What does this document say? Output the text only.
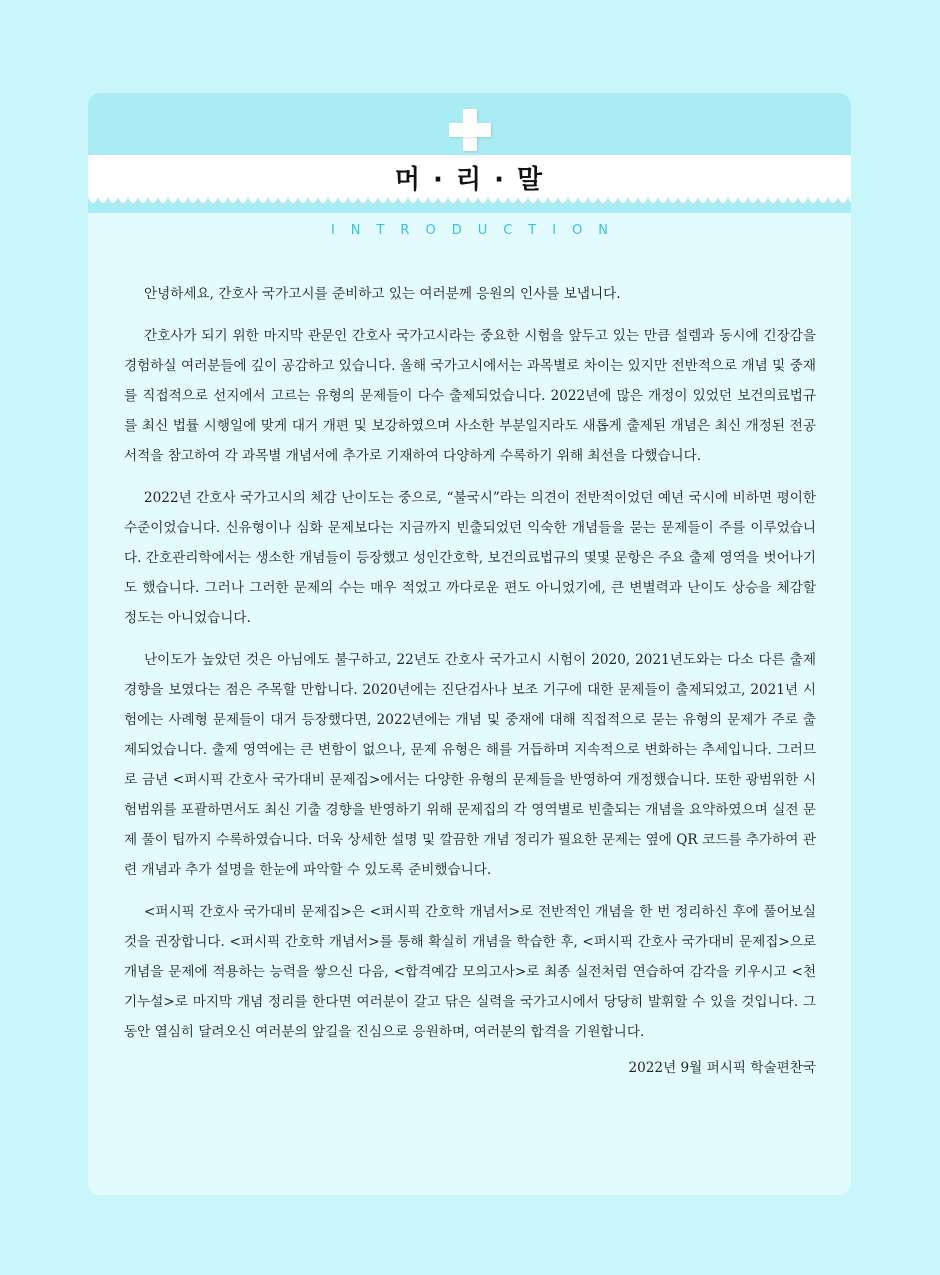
머 · 리 · 말
INTRODUCTION

안녕하세요, 간호사 국가고시를 준비하고 있는 여러분께 응원의 인사를 보냅니다.

간호사가 되기 위한 마지막 관문인 간호사 국가고시라는 중요한 시험을 앞두고 있는 만큼 설렘과 동시에 긴장감을 경험하실 여러분들에 깊이 공감하고 있습니다. 올해 국가고시에서는 과목별로 차이는 있지만 전반적으로 개념 및 중재를 직접적으로 선지에서 고르는 유형의 문제들이 다수 출제되었습니다. 2022년에 많은 개정이 있었던 보건의료법규를 최신 법률 시행일에 맞게 대거 개편 및 보강하였으며 사소한 부분일지라도 새롭게 출제된 개념은 최신 개정된 전공서적을 참고하여 각 과목별 개념서에 추가로 기재하여 다양하게 수록하기 위해 최선을 다했습니다.

2022년 간호사 국가고시의 체감 난이도는 중으로, “불국시”라는 의견이 전반적이었던 예년 국시에 비하면 평이한 수준이었습니다. 신유형이나 심화 문제보다는 지금까지 빈출되었던 익숙한 개념들을 묻는 문제들이 주를 이루었습니다. 간호관리학에서는 생소한 개념들이 등장했고 성인간호학, 보건의료법규의 몇몇 문항은 주요 출제 영역을 벗어나기도 했습니다. 그러나 그러한 문제의 수는 매우 적었고 까다로운 편도 아니었기에, 큰 변별력과 난이도 상승을 체감할 정도는 아니었습니다.

난이도가 높았던 것은 아님에도 불구하고, 22년도 간호사 국가고시 시험이 2020, 2021년도와는 다소 다른 출제 경향을 보였다는 점은 주목할 만합니다. 2020년에는 진단검사나 보조 기구에 대한 문제들이 출제되었고, 2021년 시험에는 사례형 문제들이 대거 등장했다면, 2022년에는 개념 및 중재에 대해 직접적으로 묻는 유형의 문제가 주로 출제되었습니다. 출제 영역에는 큰 변함이 없으나, 문제 유형은 해를 거듭하며 지속적으로 변화하는 추세입니다. 그러므로 금년 <퍼시픽 간호사 국가대비 문제집>에서는 다양한 유형의 문제들을 반영하여 개정했습니다. 또한 광범위한 시험범위를 포괄하면서도 최신 기출 경향을 반영하기 위해 문제집의 각 영역별로 빈출되는 개념을 요약하였으며 실전 문제 풀이 팁까지 수록하였습니다. 더욱 상세한 설명 및 깔끔한 개념 정리가 필요한 문제는 옆에 QR 코드를 추가하여 관련 개념과 추가 설명을 한눈에 파악할 수 있도록 준비했습니다.

<퍼시픽 간호사 국가대비 문제집>은 <퍼시픽 간호학 개념서>로 전반적인 개념을 한 번 정리하신 후에 풀어보실 것을 권장합니다. <퍼시픽 간호학 개념서>를 통해 확실히 개념을 학습한 후, <퍼시픽 간호사 국가대비 문제집>으로 개념을 문제에 적용하는 능력을 쌓으신 다음, <합격예감 모의고사>로 최종 실전처럼 연습하여 감각을 키우시고 <천기누설>로 마지막 개념 정리를 한다면 여러분이 갈고 닦은 실력을 국가고시에서 당당히 발휘할 수 있을 것입니다. 그동안 열심히 달려오신 여러분의 앞길을 진심으로 응원하며, 여러분의 합격을 기원합니다.

2022년 9월 퍼시픽 학술편찬국
